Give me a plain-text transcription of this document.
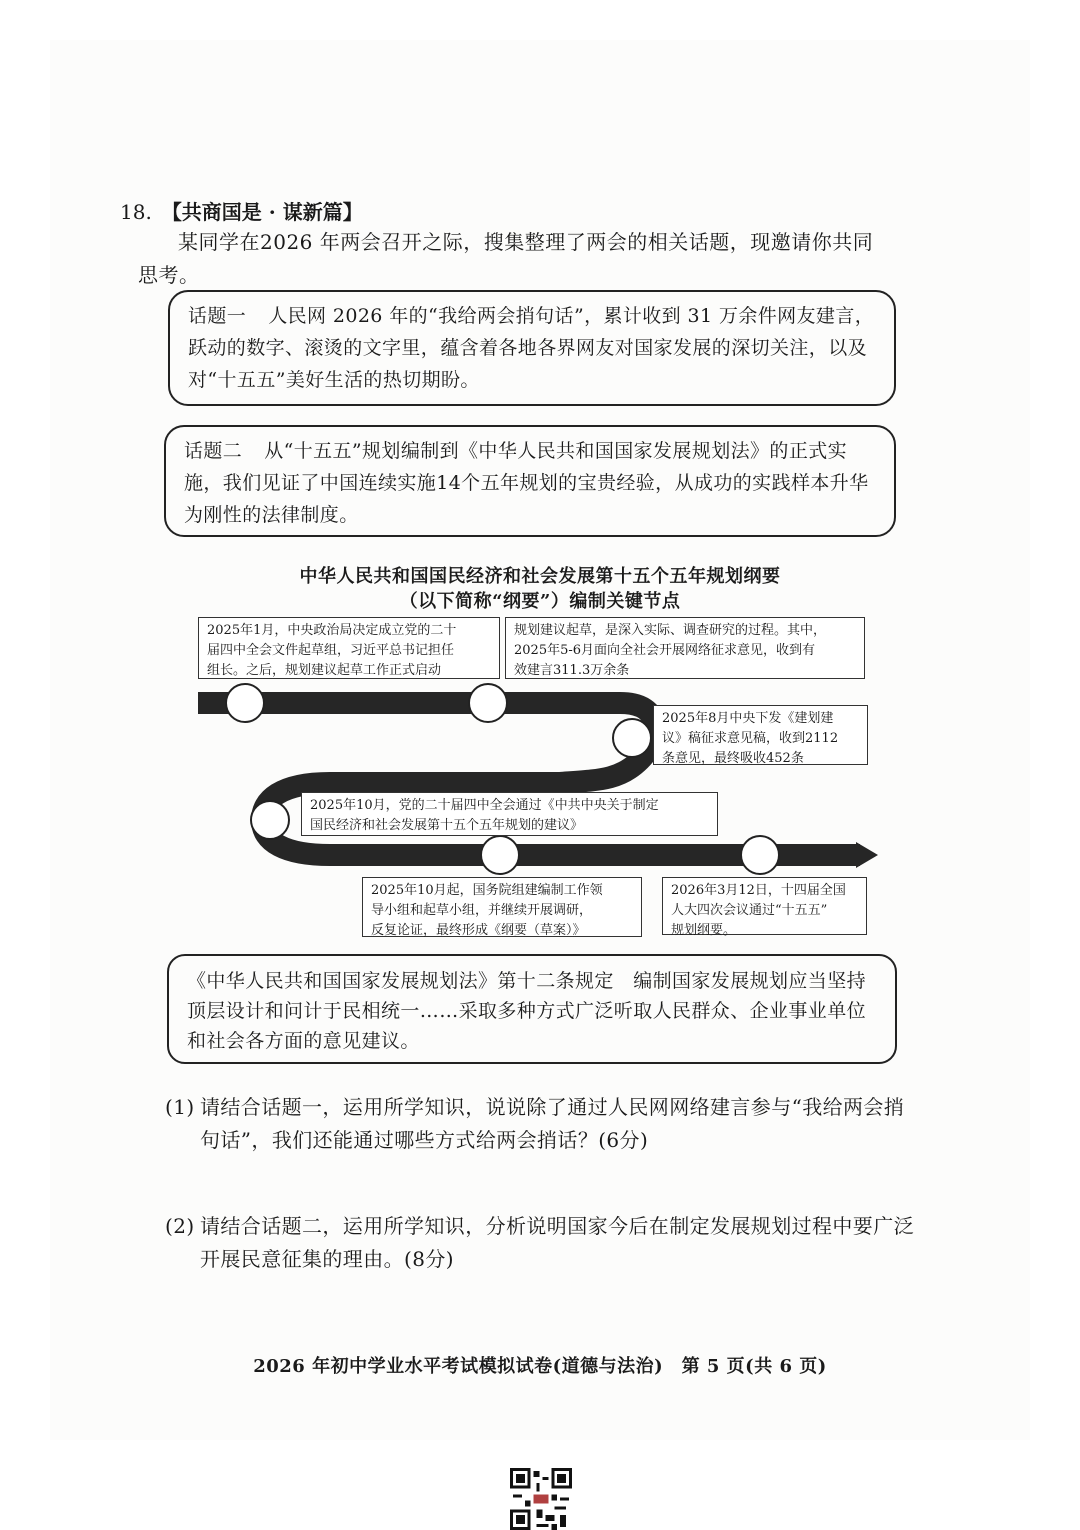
18. 【共商国是 · 谋新篇】
某同学在2026 年两会召开之际，搜集整理了两会的相关话题，现邀请你共同
思考。
话题一 人民网 2026 年的“我给两会捎句话”，累计收到 31 万余件网友建言，
跃动的数字、滚烫的文字里，蕴含着各地各界网友对国家发展的深切关注，以及
对“十五五”美好生活的热切期盼。
话题二 从“十五五”规划编制到《中华人民共和国国家发展规划法》的正式实
施，我们见证了中国连续实施14个五年规划的宝贵经验，从成功的实践样本升华
为刚性的法律制度。
中华人民共和国国民经济和社会发展第十五个五年规划纲要
（以下简称“纲要”）编制关键节点
2025年1月，中央政治局决定成立党的二十
届四中全会文件起草组，习近平总书记担任
组长。之后，规划建议起草工作正式启动
规划建议起草，是深入实际、调查研究的过程。其中，
2025年5-6月面向全社会开展网络征求意见，收到有
效建言311.3万余条
2025年8月中央下发《建划建
议》稿征求意见稿，收到2112
条意见，最终吸收452条
2025年10月，党的二十届四中全会通过《中共中央关于制定
国民经济和社会发展第十五个五年规划的建议》
2025年10月起，国务院组建编制工作领
导小组和起草小组，并继续开展调研，
反复论证，最终形成《纲要（草案）》
2026年3月12日，十四届全国
人大四次会议通过“十五五”
规划纲要。
《中华人民共和国国家发展规划法》第十二条规定　编制国家发展规划应当坚持
顶层设计和问计于民相统一……采取多种方式广泛听取人民群众、企业事业单位
和社会各方面的意见建议。
(1) 请结合话题一，运用所学知识，说说除了通过人民网网络建言参与“我给两会捎
句话”，我们还能通过哪些方式给两会捎话？(6分)
(2) 请结合话题二，运用所学知识，分析说明国家今后在制定发展规划过程中要广泛
开展民意征集的理由。(8分)
2026 年初中学业水平考试模拟试卷(道德与法治)　第 5 页(共 6 页)
